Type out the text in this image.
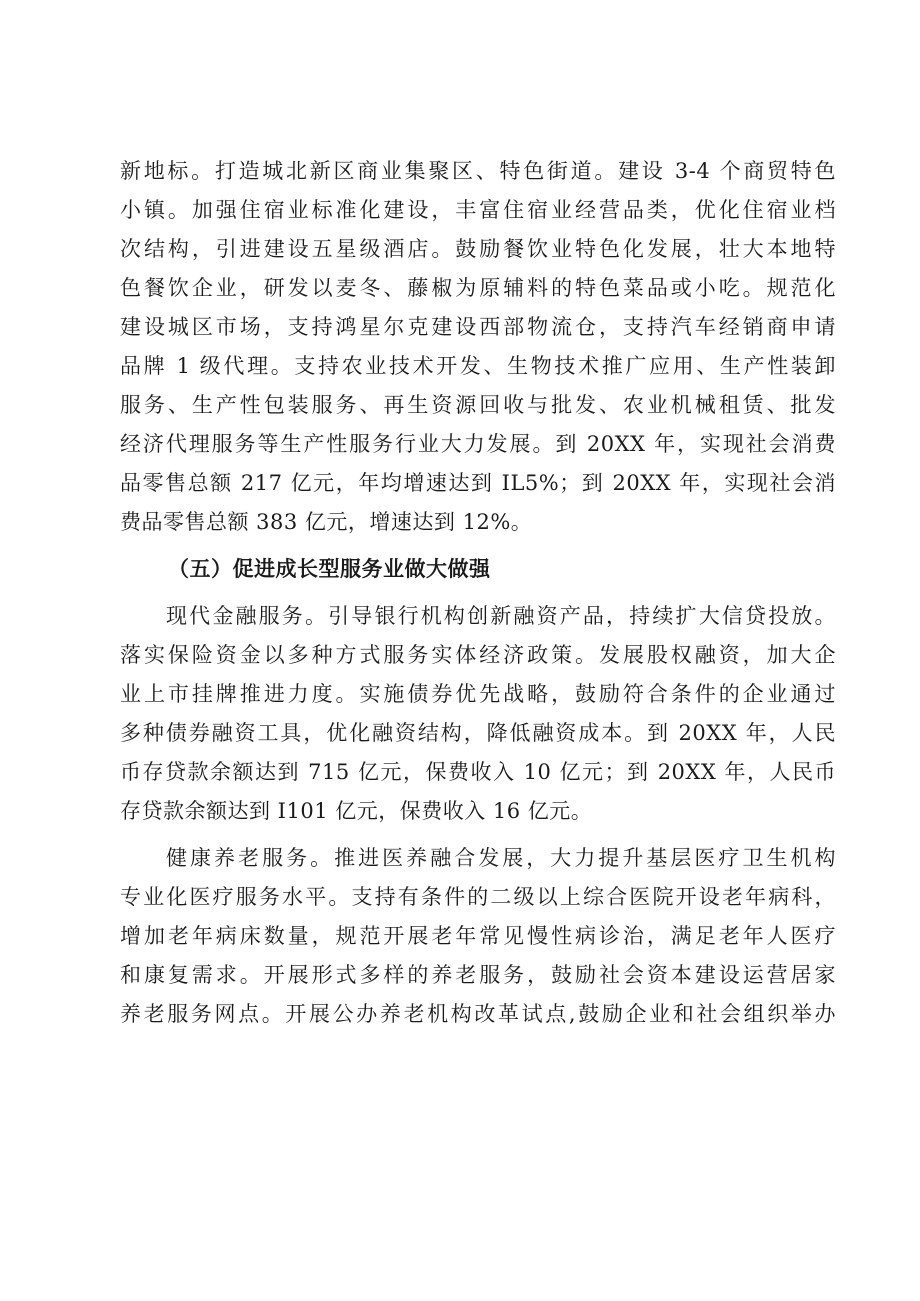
新地标。打造城北新区商业集聚区、特色街道。建设 3-4 个商贸特色
小镇。加强住宿业标准化建设，丰富住宿业经营品类，优化住宿业档
次结构，引进建设五星级酒店。鼓励餐饮业特色化发展，壮大本地特
色餐饮企业，研发以麦冬、藤椒为原辅料的特色菜品或小吃。规范化
建设城区市场，支持鸿星尔克建设西部物流仓，支持汽车经销商申请
品牌 1 级代理。支持农业技术开发、生物技术推广应用、生产性装卸
服务、生产性包装服务、再生资源回收与批发、农业机械租赁、批发
经济代理服务等生产性服务行业大力发展。到 20XX 年，实现社会消费
品零售总额 217 亿元，年均增速达到 IL5%；到 20XX 年，实现社会消
费品零售总额 383 亿元，增速达到 12%。
（五）促进成长型服务业做大做强
现代金融服务。引导银行机构创新融资产品，持续扩大信贷投放。
落实保险资金以多种方式服务实体经济政策。发展股权融资，加大企
业上市挂牌推进力度。实施债券优先战略，鼓励符合条件的企业通过
多种债券融资工具，优化融资结构，降低融资成本。到 20XX 年，人民
币存贷款余额达到 715 亿元，保费收入 10 亿元；到 20XX 年，人民币
存贷款余额达到 I101 亿元，保费收入 16 亿元。
健康养老服务。推进医养融合发展，大力提升基层医疗卫生机构
专业化医疗服务水平。支持有条件的二级以上综合医院开设老年病科，
增加老年病床数量，规范开展老年常见慢性病诊治，满足老年人医疗
和康复需求。开展形式多样的养老服务，鼓励社会资本建设运营居家
养老服务网点。开展公办养老机构改革试点,鼓励企业和社会组织举办
